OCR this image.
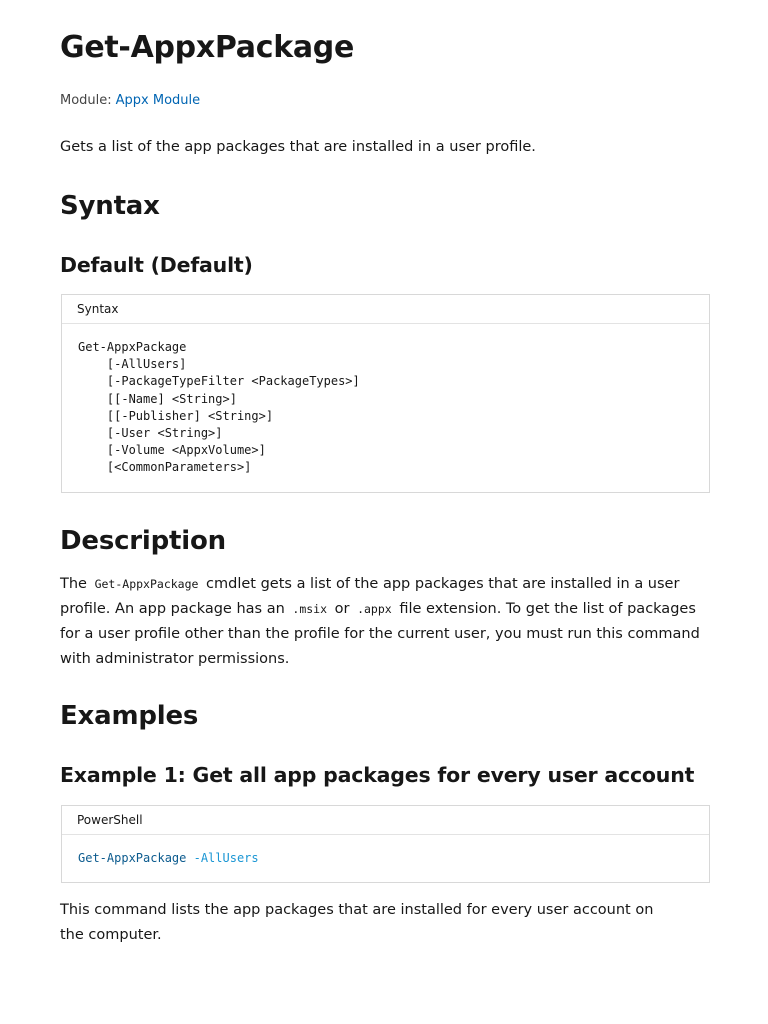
Get-AppxPackage
Module: Appx Module

Gets a list of the app packages that are installed in a user profile.

Syntax
Default (Default)
Syntax
Get-AppxPackage
[-AllUsers]
[-PackageTypeFilter <PackageTypes>]
[[-Name] <String>]
[[-Publisher] <String>]
[-User <String>]
[-Volume <AppxVolume>]
[<CommonParameters>]
Description

The Get-AppxPackage cmdlet gets a list of the app packages that are installed in a user profile. An app package has an .msix or .appx file extension. To get the list of packages for a user profile other than the profile for the current user, you must run this command with administrator permissions.

Examples
Example 1: Get all app packages for every user account
PowerShell
Get-AppxPackage -AllUsers

This command lists the app packages that are installed for every user account on the computer.
